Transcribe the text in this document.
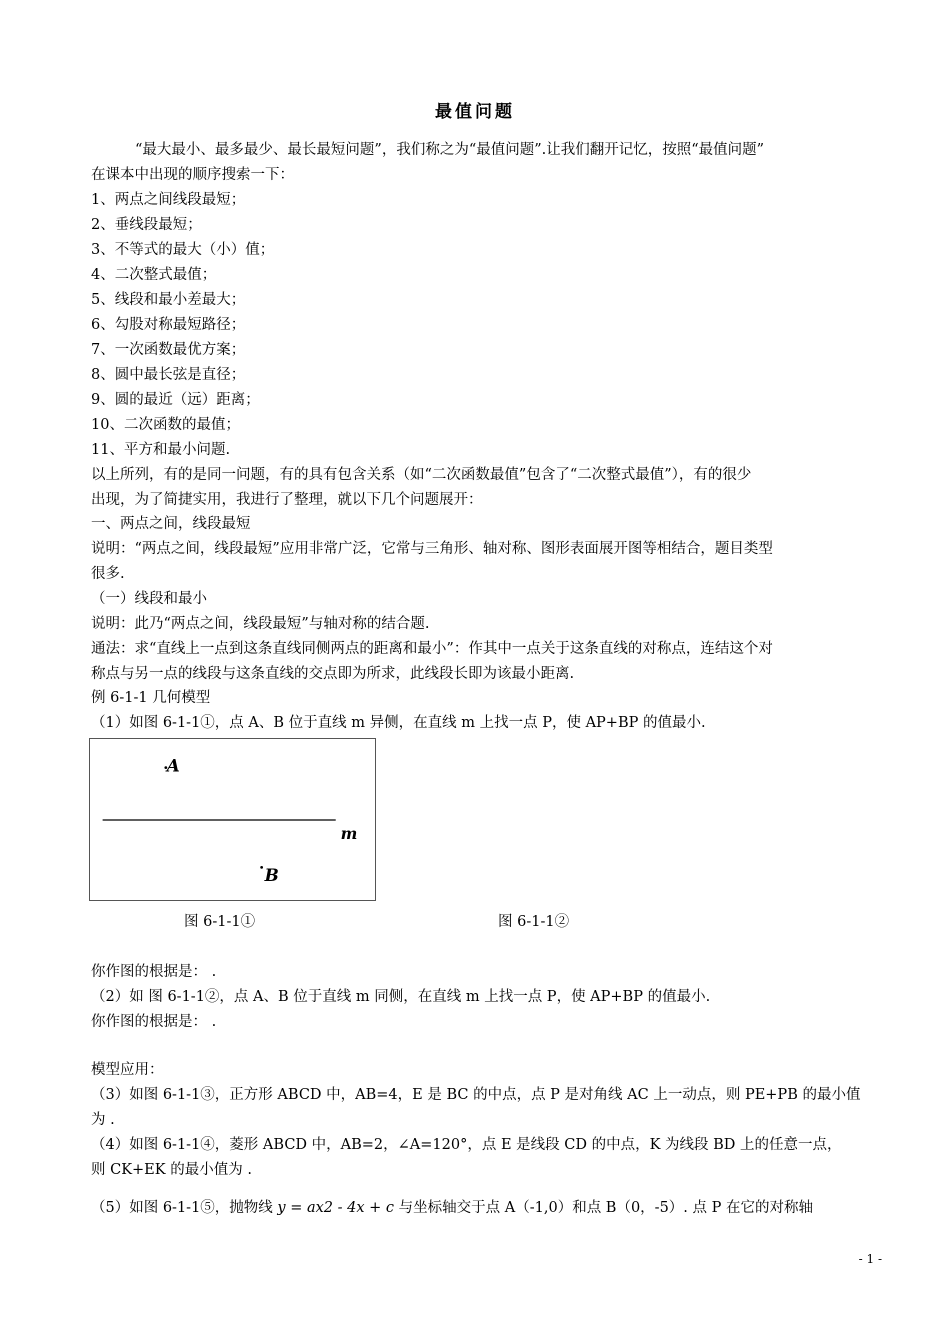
最值问题
“最大最小、最多最少、最长最短问题”，我们称之为“最值问题”.让我们翻开记忆，按照“最值问题”
在课本中出现的顺序搜索一下：
1、两点之间线段最短；
2、垂线段最短；
3、不等式的最大（小）值；
4、二次整式最值；
5、线段和最小差最大；
6、勾股对称最短路径；
7、一次函数最优方案；
8、圆中最长弦是直径；
9、圆的最近（远）距离；
10、二次函数的最值；
11、平方和最小问题.
以上所列，有的是同一问题，有的具有包含关系（如“二次函数最值”包含了“二次整式最值”），有的很少
出现，为了简捷实用，我进行了整理，就以下几个问题展开：
一、两点之间，线段最短
说明：“两点之间，线段最短”应用非常广泛，它常与三角形、轴对称、图形表面展开图等相结合，题目类型
很多.
（一）线段和最小
说明：此乃“两点之间，线段最短”与轴对称的结合题.
通法：求“直线上一点到这条直线同侧两点的距离和最小”：作其中一点关于这条直线的对称点，连结这个对
称点与另一点的线段与这条直线的交点即为所求，此线段长即为该最小距离.
例 6-1-1 几何模型
（1）如图 6-1-1①，点 A、B 位于直线 m 异侧，在直线 m 上找一点 P，使 AP+BP 的值最小.
A
m
B
图 6-1-1①	图 6-1-1②
你作图的根据是： .
（2）如 图 6-1-1②，点 A、B 位于直线 m 同侧，在直线 m 上找一点 P，使 AP+BP 的值最小.
你作图的根据是： .
模型应用：
（3）如图 6-1-1③，正方形 ABCD 中，AB=4，E 是 BC 的中点，点 P 是对角线 AC 上一动点，则 PE+PB 的最小值
为 .
（4）如图 6-1-1④，菱形 ABCD 中，AB=2，∠A=120°，点 E 是线段 CD 的中点，K 为线段 BD 上的任意一点，
则 CK+EK 的最小值为 .
（5）如图 6-1-1⑤，抛物线 y = ax2 - 4x + c 与坐标轴交于点 A（-1,0）和点 B（0，-5）. 点 P 在它的对称轴
- 1 -
